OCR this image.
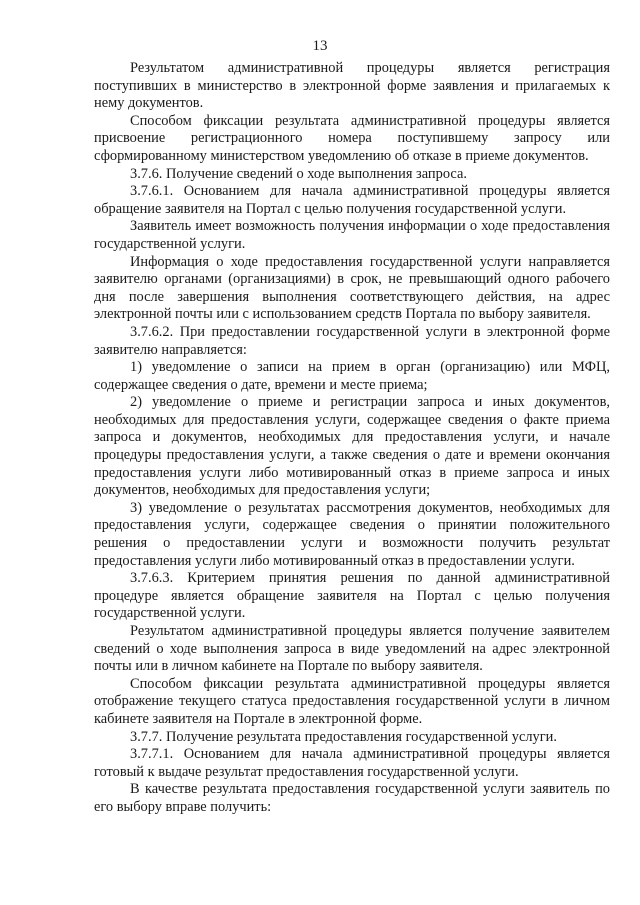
13

Результатом административной процедуры является регистрация поступивших в министерство в электронной форме заявления и прилагаемых к нему документов.

Способом фиксации результата административной процедуры является присвоение регистрационного номера поступившему запросу или сформированному министерством уведомлению об отказе в приеме документов.

3.7.6. Получение сведений о ходе выполнения запроса.

3.7.6.1. Основанием для начала административной процедуры является обращение заявителя на Портал с целью получения государственной услуги.

Заявитель имеет возможность получения информации о ходе предоставления государственной услуги.

Информация о ходе предоставления государственной услуги направляется заявителю органами (организациями) в срок, не превышающий одного рабочего дня после завершения выполнения соответствующего действия, на адрес электронной почты или с использованием средств Портала по выбору заявителя.

3.7.6.2. При предоставлении государственной услуги в электронной форме заявителю направляется:

1) уведомление о записи на прием в орган (организацию) или МФЦ, содержащее сведения о дате, времени и месте приема;

2) уведомление о приеме и регистрации запроса и иных документов, необходимых для предоставления услуги, содержащее сведения о факте приема запроса и документов, необходимых для предоставления услуги, и начале процедуры предоставления услуги, а также сведения о дате и времени окончания предоставления услуги либо мотивированный отказ в приеме запроса и иных документов, необходимых для предоставления услуги;

3) уведомление о результатах рассмотрения документов, необходимых для предоставления услуги, содержащее сведения о принятии положительного решения о предоставлении услуги и возможности получить результат предоставления услуги либо мотивированный отказ в предоставлении услуги.

3.7.6.3. Критерием принятия решения по данной административной процедуре является обращение заявителя на Портал с целью получения государственной услуги.

Результатом административной процедуры является получение заявителем сведений о ходе выполнения запроса в виде уведомлений на адрес электронной почты или в личном кабинете на Портале по выбору заявителя.

Способом фиксации результата административной процедуры является отображение текущего статуса предоставления государственной услуги в личном кабинете заявителя на Портале в электронной форме.

3.7.7. Получение результата предоставления государственной услуги.

3.7.7.1. Основанием для начала административной процедуры является готовый к выдаче результат предоставления государственной услуги.

В качестве результата предоставления государственной услуги заявитель по его выбору вправе получить:
